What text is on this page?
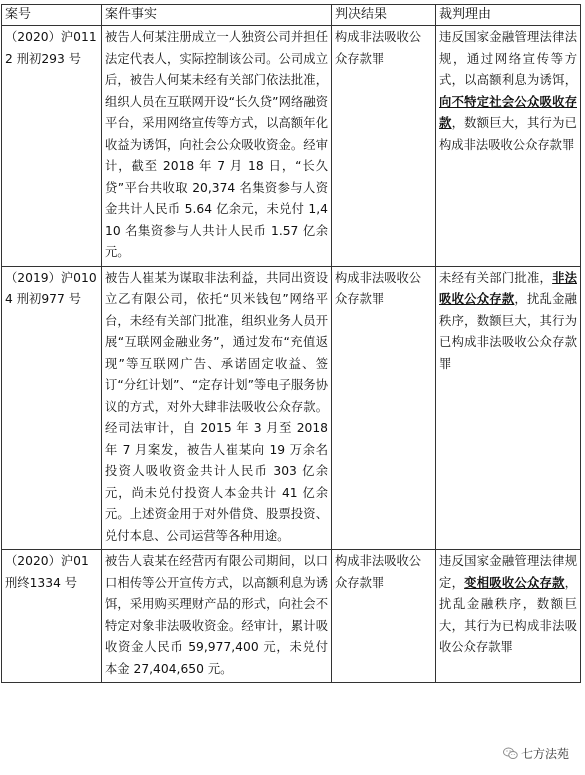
案号	案件事实	判决结果	裁判理由
（2020）沪0112 刑初293 号	被告人何某注册成立一人独资公司并担任法定代表人，实际控制该公司。公司成立后，被告人何某未经有关部门依法批准，组织人员在互联网开设“长久贷”网络融资平台，采用网络宣传等方式，以高额年化收益为诱饵，向社会公众吸收资金。经审计，截至 2018 年 7 月 18 日，“长久贷”平台共收取 20,374 名集资参与人资金共计人民币 5.64 亿余元，未兑付 1,410 名集资参与人共计人民币 1.57 亿余元。	构成非法吸收公众存款罪	违反国家金融管理法律法规，通过网络宣传等方式，以高额利息为诱饵，向不特定社会公众吸收存款，数额巨大，其行为已构成非法吸收公众存款罪
（2019）沪0104 刑初977 号	被告人崔某为谋取非法利益，共同出资设立乙有限公司，依托“贝米钱包”网络平台，未经有关部门批准，组织业务人员开展“互联网金融业务”，通过发布“充值返现”等互联网广告、承诺固定收益、签订“分红计划”、“定存计划”等电子服务协议的方式，对外大肆非法吸收公众存款。经司法审计，自 2015 年 3 月至 2018 年 7 月案发，被告人崔某向 19 万余名投资人吸收资金共计人民币 303 亿余元，尚未兑付投资人本金共计 41 亿余元。上述资金用于对外借贷、股票投资、兑付本息、公司运营等各种用途。	构成非法吸收公众存款罪	未经有关部门批准，非法吸收公众存款，扰乱金融秩序，数额巨大，其行为已构成非法吸收公众存款罪
（2020）沪01 刑终1334 号	被告人袁某在经营丙有限公司期间，以口口相传等公开宣传方式，以高额利息为诱饵，采用购买理财产品的形式，向社会不特定对象非法吸收资金。经审计，累计吸收资金人民币 59,977,400 元，未兑付本金 27,404,650 元。	构成非法吸收公众存款罪	违反国家金融管理法律规定，变相吸收公众存款，扰乱金融秩序，数额巨大，其行为已构成非法吸收公众存款罪
七方法苑
